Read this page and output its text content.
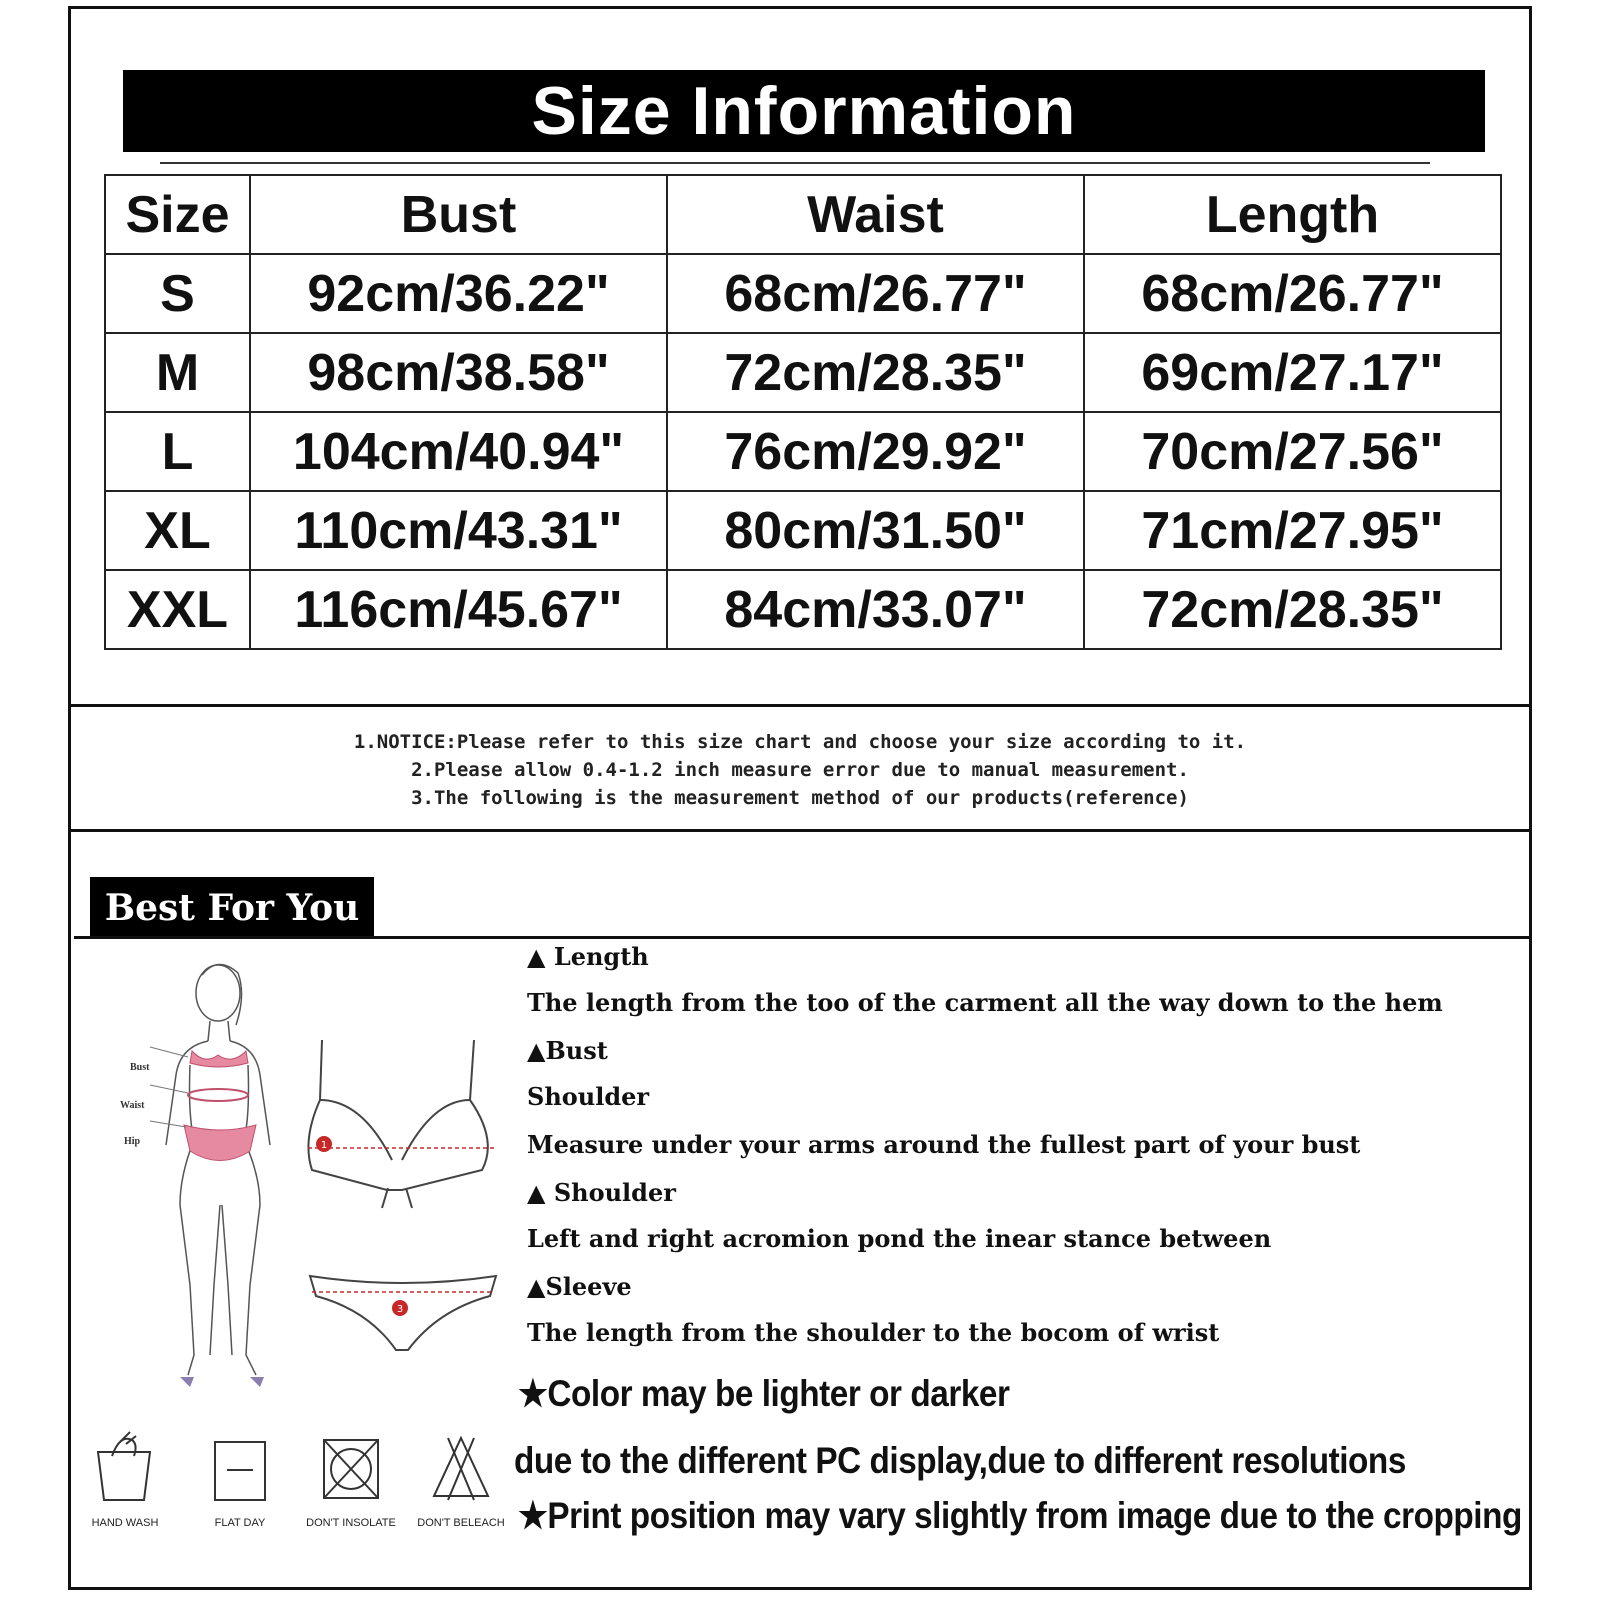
Size Information
Size	Bust	Waist	Length
S	92cm/36.22"	68cm/26.77"	68cm/26.77"
M	98cm/38.58"	72cm/28.35"	69cm/27.17"
L	104cm/40.94"	76cm/29.92"	70cm/27.56"
XL	110cm/43.31"	80cm/31.50"	71cm/27.95"
XXL	116cm/45.67"	84cm/33.07"	72cm/28.35"
1.NOTICE:Please refer to this size chart and choose your size according to it.
2.Please allow 0.4-1.2 inch measure error due to manual measurement.
3.The following is the measurement method of our products(reference)
Best For You
Bust
Waist
Hip	1
3
▲ Length
The length from the too of the carment all the way down to the hem
▲Bust
Shoulder
Measure under your arms around the fullest part of your bust
▲ Shoulder
Left and right acromion pond the inear stance between
▲Sleeve
The length from the shoulder to the bocom of wrist
★Color may be lighter or darker
due to the different PC display,due to different resolutions
★Print position may vary slightly from image due to the cropping
HAND WASH	FLAT DAY	DON'T INSOLATE	DON'T BELEACH
